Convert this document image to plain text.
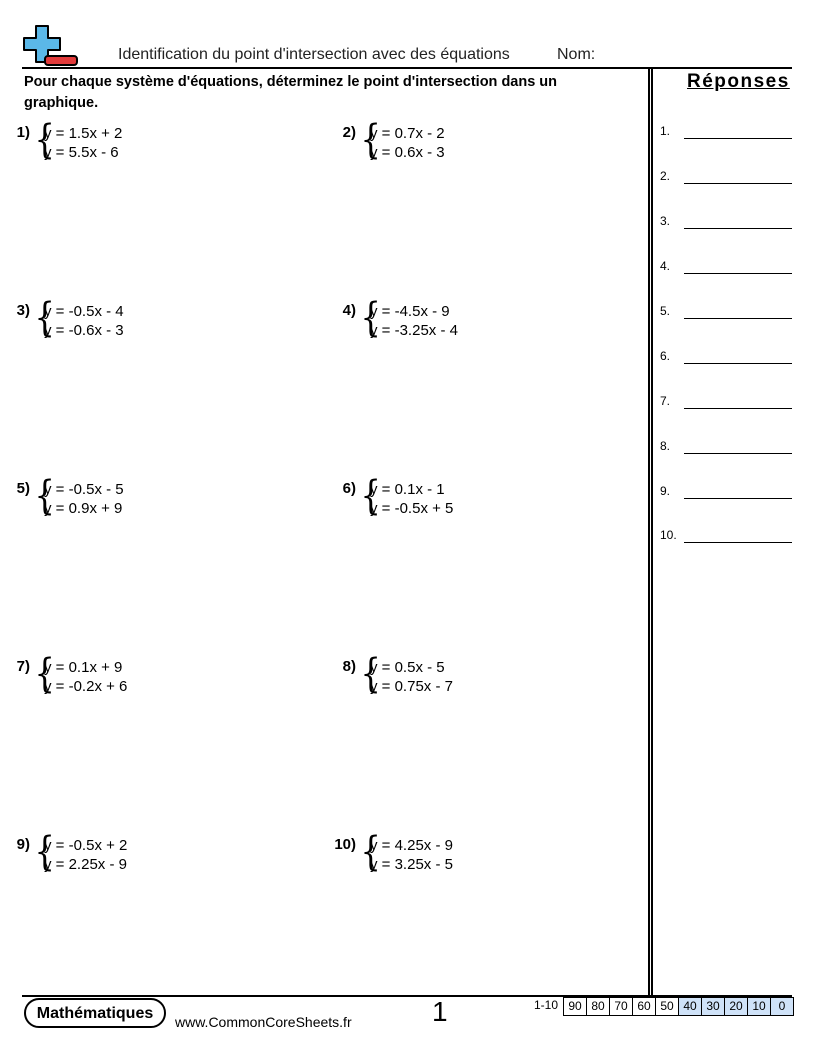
Identification du point d'intersection avec des équations	Nom:
Pour chaque système d'équations, déterminez le point d'intersection dans un graphique.
1) {
y = 1.5x + 2
y = 5.5x - 6
2) {
y = 0.7x - 2
y = 0.6x - 3
3) {
y = -0.5x - 4
y = -0.6x - 3
4) {
y = -4.5x - 9
y = -3.25x - 4
5) {
y = -0.5x - 5
y = 0.9x + 9
6) {
y = 0.1x - 1
y = -0.5x + 5
7) {
y = 0.1x + 9
y = -0.2x + 6
8) {
y = 0.5x - 5
y = 0.75x - 7
9) {
y = -0.5x + 2
y = 2.25x - 9
10) {
y = 4.25x - 9
y = 3.25x - 5
Réponses
1.
2.
3.
4.
5.
6.
7.
8.
9.
10.
Mathématiques	www.CommonCoreSheets.fr	1	1-10 90 80 70 60 50 40 30 20 10	0
